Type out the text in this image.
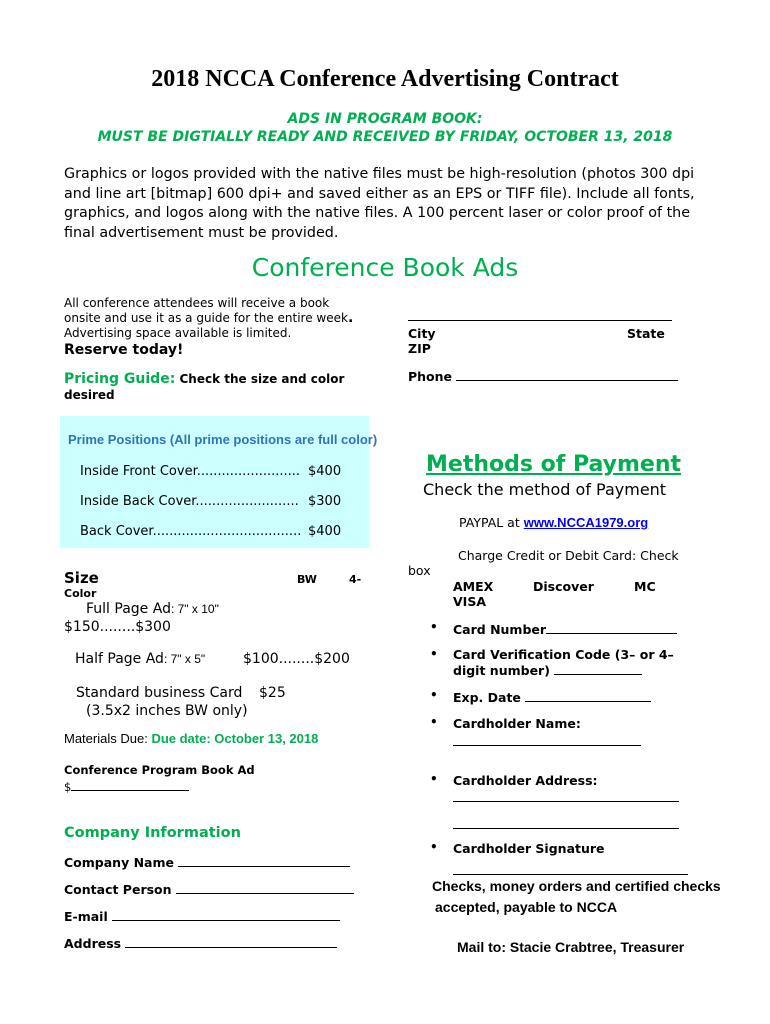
2018 NCCA Conference Advertising Contract
ADS IN PROGRAM BOOK:
MUST BE DIGTIALLY READY AND RECEIVED BY FRIDAY, OCTOBER 13, 2018
Graphics or logos provided with the native files must be high-resolution (photos 300 dpi and line art [bitmap] 600 dpi+ and saved either as an EPS or TIFF file). Include all fonts, graphics, and logos along with the native files. A 100 percent laser or color proof of the final advertisement must be provided.
Conference Book Ads
All conference attendees will receive a book onsite and use it as a guide for the entire week. Advertising space available is limited.
Reserve today!
Pricing Guide: Check the size and color desired
Prime Positions (All prime positions are full color)
Inside Front Cover......................... $400
Inside Back Cover......................... $300
Back Cover.................................... $400
Size	BW	4-
Color
Full Page Ad: 7" x 10"
$150........$300
Half Page Ad: 7" x 5"	$100........$200
Standard business Card $25
(3.5x2 inches BW only)
Materials Due: Due date: October 13, 2018
Conference Program Book Ad
$
Company Information
Company Name
Contact Person
E-mail
Address
City	State
ZIP
Phone
Methods of Payment
Check the method of Payment
PAYPAL at www.NCCA1979.org
Charge Credit or Debit Card: Check
box
AMEX	Discover	MC
VISA
• Card Number
• Card Verification Code (3– or 4–
digit number)
• Exp. Date
• Cardholder Name:
• Cardholder Address:
• Cardholder Signature
Checks, money orders and certified checks
accepted, payable to NCCA
Mail to: Stacie Crabtree, Treasurer
